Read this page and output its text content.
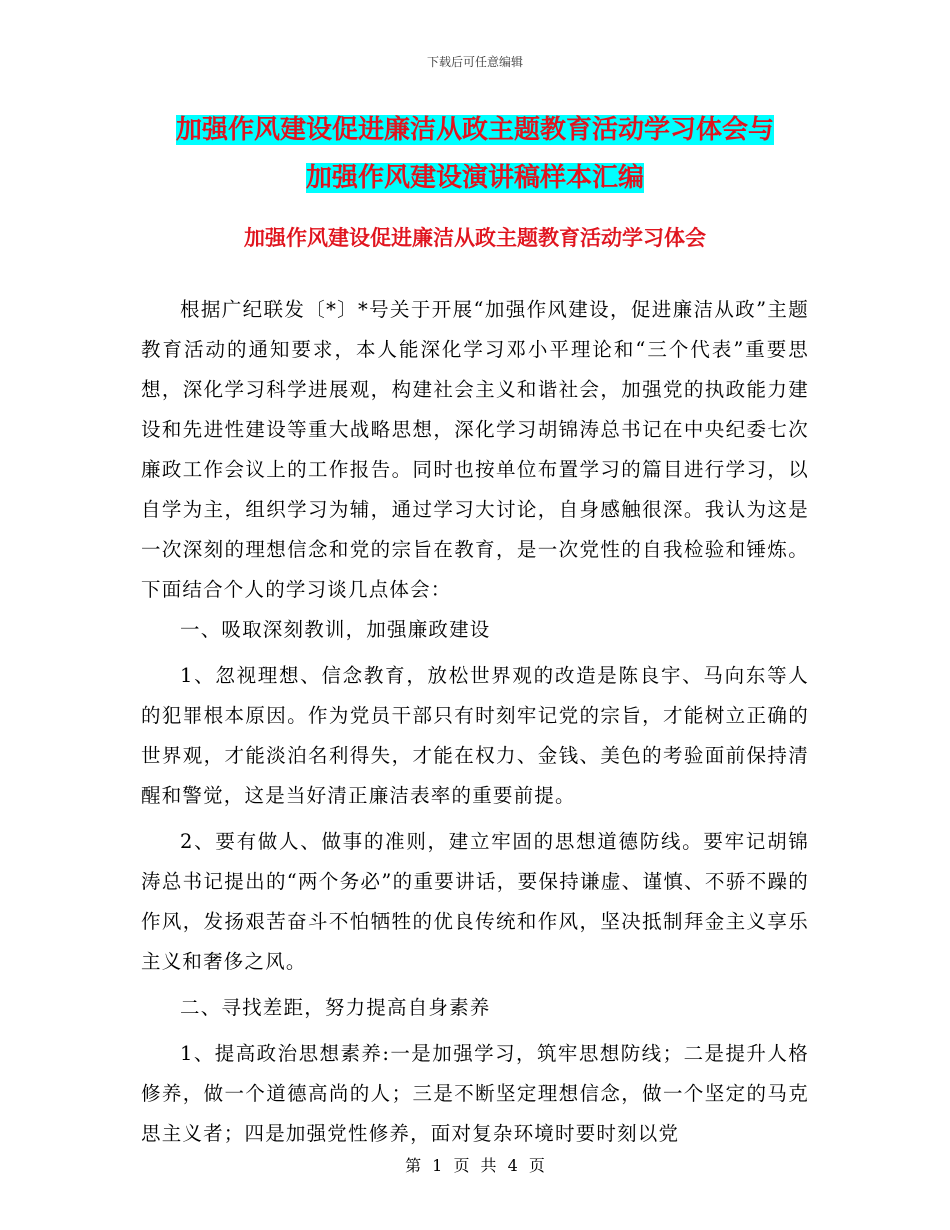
下载后可任意编辑
加强作风建设促进廉洁从政主题教育活动学习体会与
加强作风建设演讲稿样本汇编
加强作风建设促进廉洁从政主题教育活动学习体会

根据广纪联发〔*〕*号关于开展“加强作风建设，促进廉洁从政”主题教育活动的通知要求，本人能深化学习邓小平理论和“三个代表”重要思想，深化学习科学进展观，构建社会主义和谐社会，加强党的执政能力建设和先进性建设等重大战略思想，深化学习胡锦涛总书记在中央纪委七次廉政工作会议上的工作报告。同时也按单位布置学习的篇目进行学习，以自学为主，组织学习为辅，通过学习大讨论，自身感触很深。我认为这是一次深刻的理想信念和党的宗旨在教育，是一次党性的自我检验和锤炼。下面结合个人的学习谈几点体会：

一、吸取深刻教训，加强廉政建设

1、忽视理想、信念教育，放松世界观的改造是陈良宇、马向东等人的犯罪根本原因。作为党员干部只有时刻牢记党的宗旨，才能树立正确的世界观，才能淡泊名利得失，才能在权力、金钱、美色的考验面前保持清醒和警觉，这是当好清正廉洁表率的重要前提。

2、要有做人、做事的准则，建立牢固的思想道德防线。要牢记胡锦涛总书记提出的“两个务必”的重要讲话，要保持谦虚、谨慎、不骄不躁的作风，发扬艰苦奋斗不怕牺牲的优良传统和作风，坚决抵制拜金主义享乐主义和奢侈之风。

二、寻找差距，努力提高自身素养

1、提高政治思想素养:一是加强学习，筑牢思想防线；二是提升人格修养，做一个道德高尚的人；三是不断坚定理想信念，做一个坚定的马克思主义者；四是加强党性修养，面对复杂环境时要时刻以党

第 1 页 共 4 页
